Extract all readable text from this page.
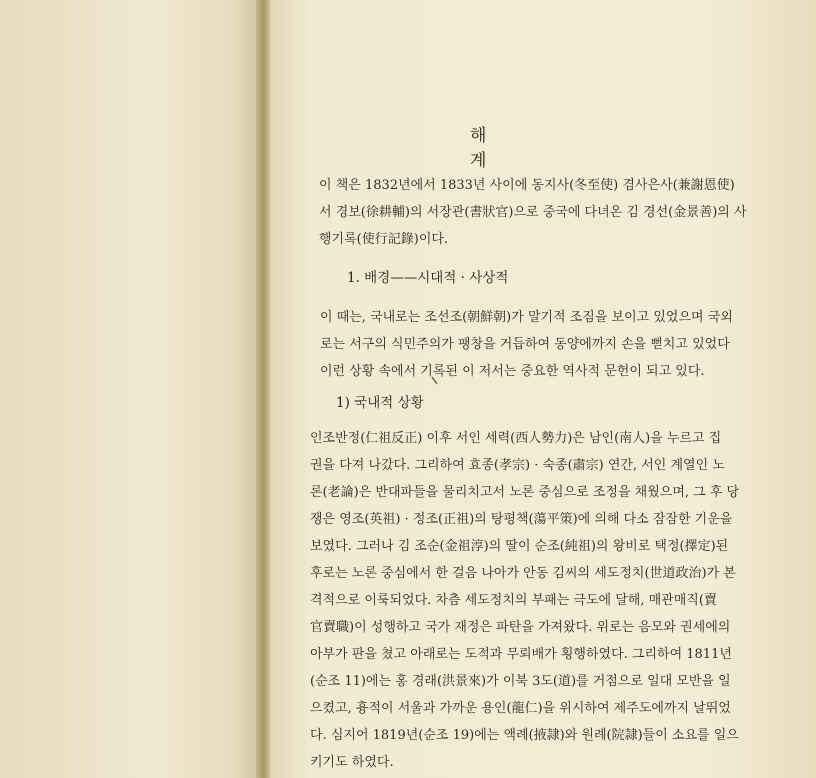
해 계
이 책은 1832년에서 1833년 사이에 동지사(冬至使) 겸사은사(兼謝恩使)
서 경보(徐耕輔)의 서장관(書狀官)으로 중국에 다녀온 김 경선(金景善)의 사
행기록(使行記錄)이다.
1. 배경——시대적 · 사상적
이 때는, 국내로는 조선조(朝鮮朝)가 말기적 조짐을 보이고 있었으며 국외
로는 서구의 식민주의가 팽창을 거듭하여 동양에까지 손을 뻗치고 있었다
이런 상황 속에서 기록된 이 저서는 중요한 역사적 문헌이 되고 있다.
1) 국내적 상황
인조반정(仁祖反正) 이후 서인 세력(西人勢力)은 남인(南人)을 누르고 집
권을 다져 나갔다. 그리하여 효종(孝宗) · 숙종(肅宗) 연간, 서인 계열인 노
론(老論)은 반대파들을 물리치고서 노론 중심으로 조정을 채웠으며, 그 후 당
쟁은 영조(英祖) · 정조(正祖)의 탕평책(蕩平策)에 의해 다소 잠잠한 기운을
보였다. 그러나 김 조순(金祖淳)의 딸이 순조(純祖)의 왕비로 택정(擇定)된
후로는 노론 중심에서 한 걸음 나아가 안동 김씨의 세도정치(世道政治)가 본
격적으로 이룩되었다. 차츰 세도정치의 부패는 극도에 달해, 매관매직(賣
官賣職)이 성행하고 국가 재정은 파탄을 가져왔다. 위로는 음모와 권세에의
아부가 판을 쳤고 아래로는 도적과 무뢰배가 횡행하였다. 그리하여 1811년
(순조 11)에는 홍 경래(洪景來)가 이북 3도(道)를 거점으로 일대 모반을 일
으켰고, 흉적이 서울과 가까운 용인(龍仁)을 위시하여 제주도에까지 날뛰었
다. 심지어 1819년(순조 19)에는 액례(掖隷)와 원례(院隷)들이 소요를 일으
키기도 하였다.
